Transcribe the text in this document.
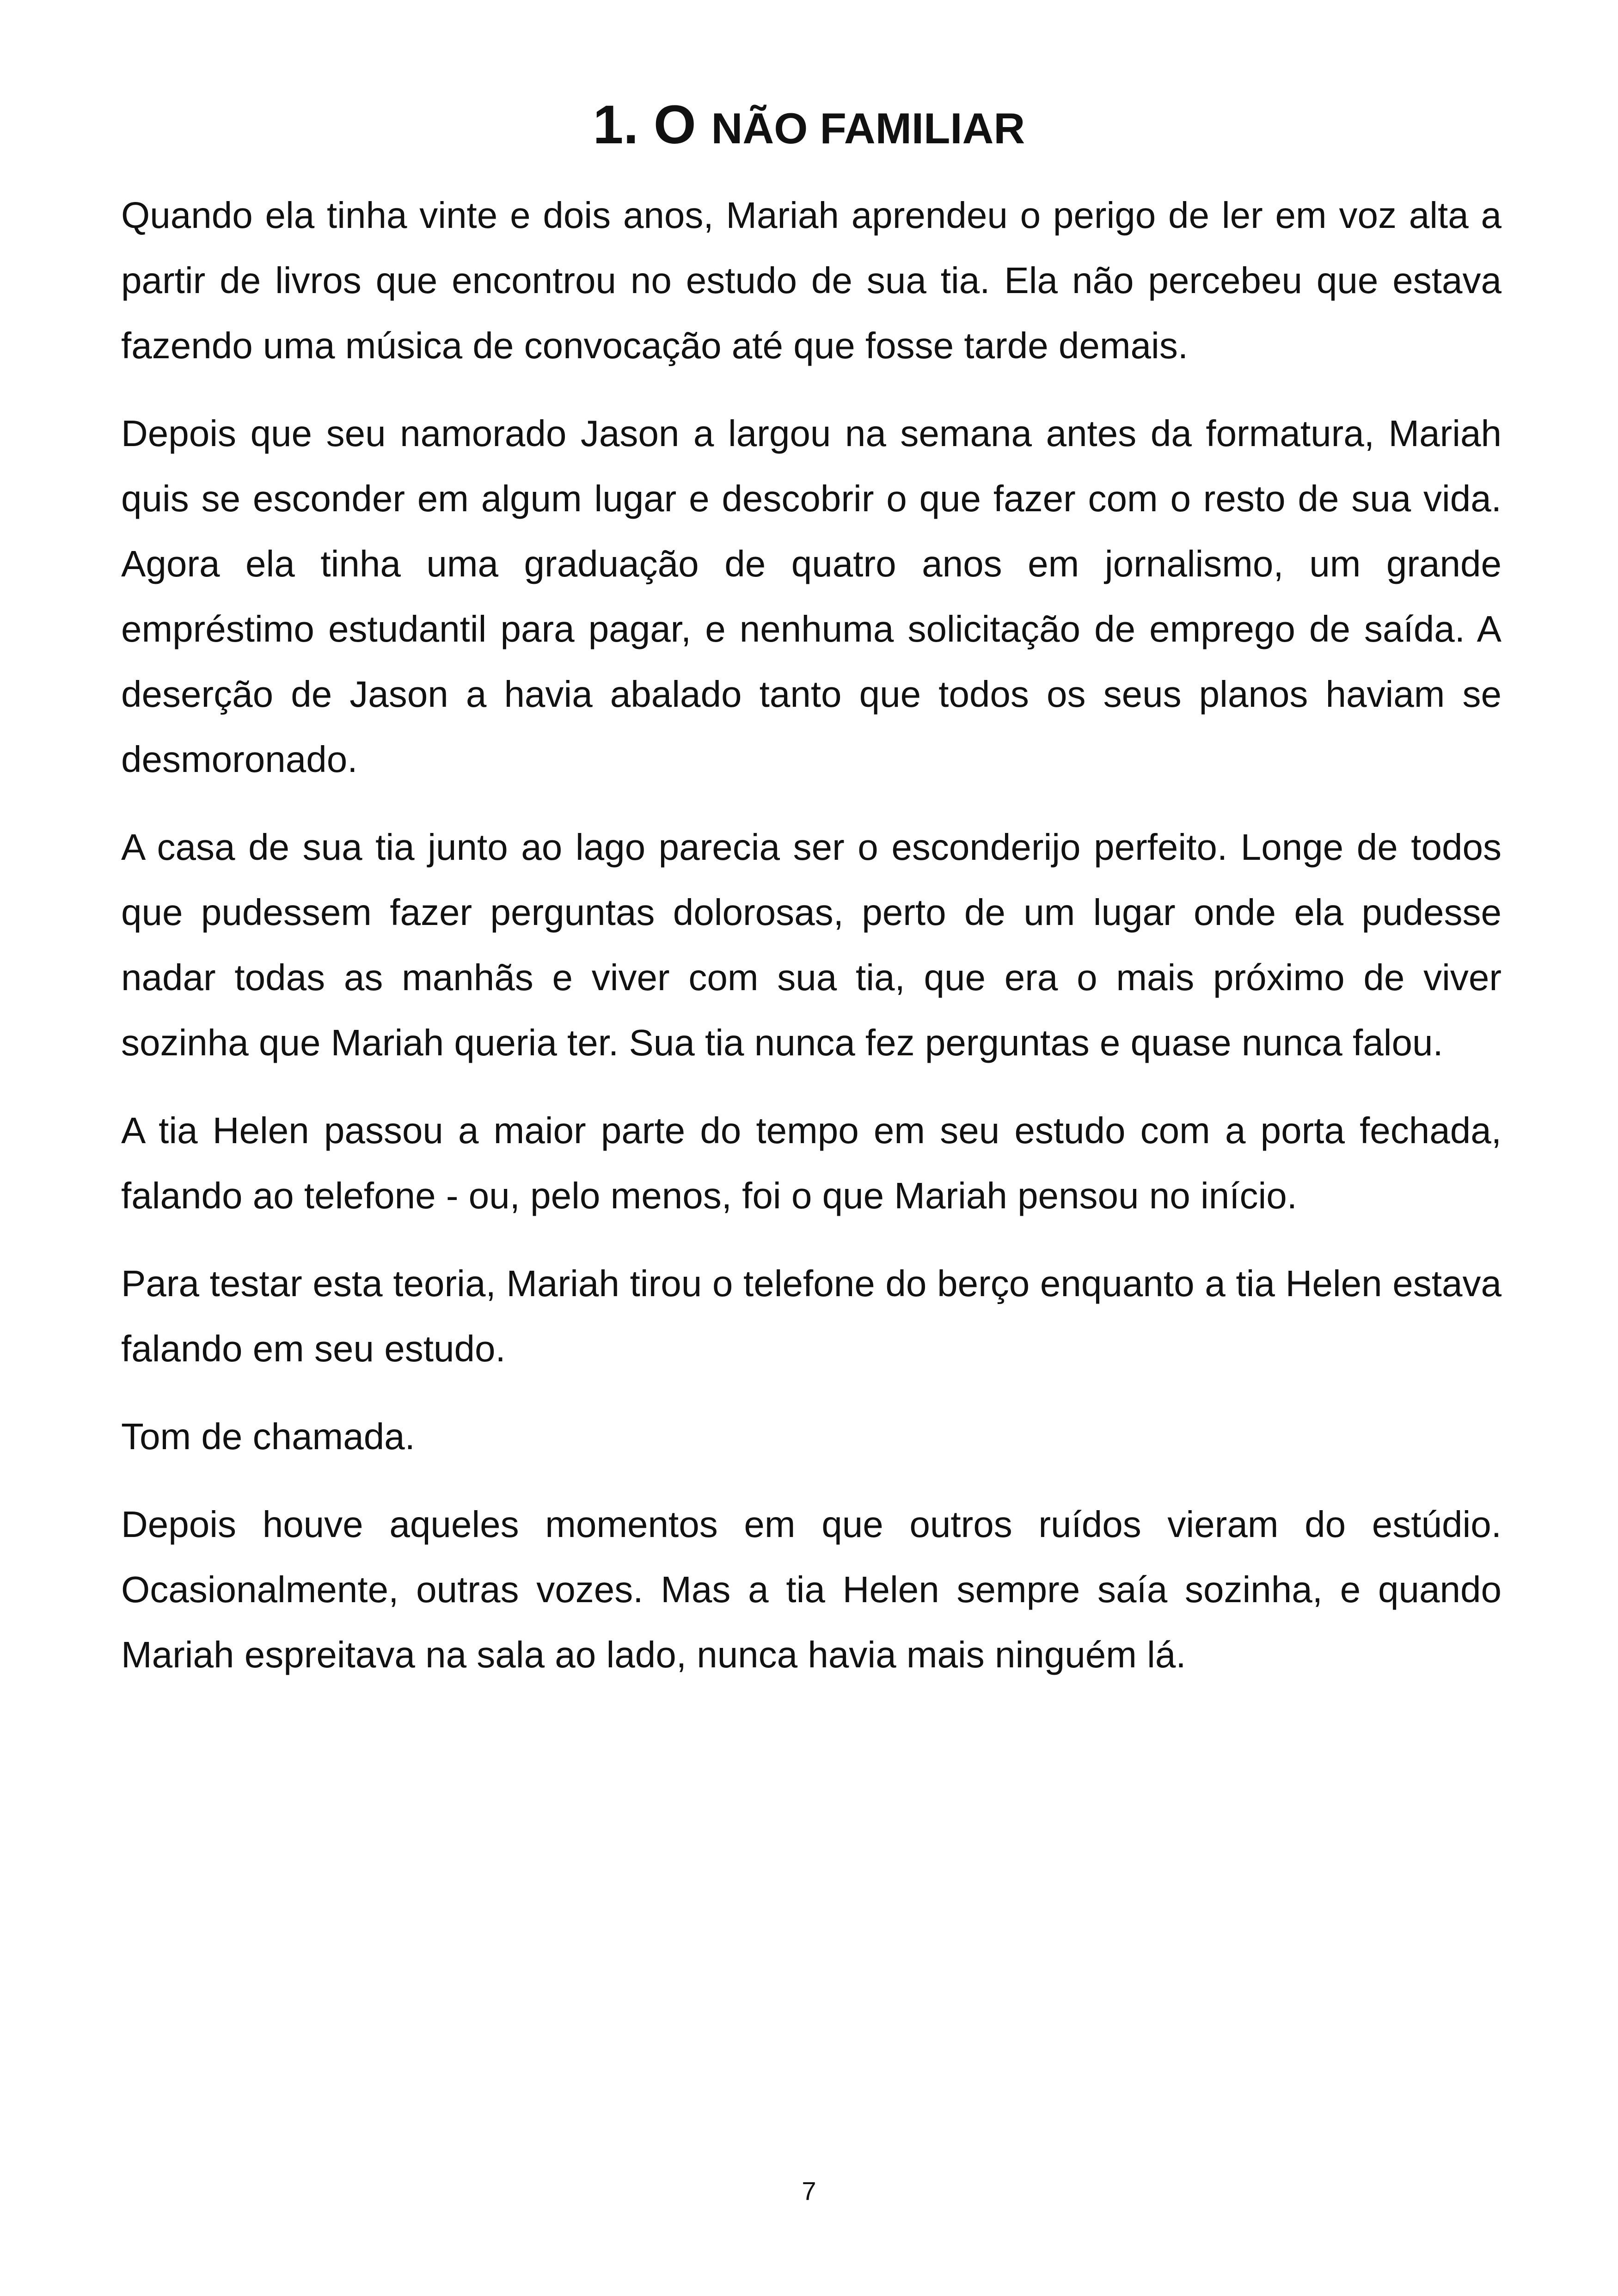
1. O NÃO FAMILIAR

Quando ela tinha vinte e dois anos, Mariah aprendeu o perigo de ler em voz alta a partir de livros que encontrou no estudo de sua tia. Ela não percebeu que estava fazendo uma música de convocação até que fosse tarde demais.

Depois que seu namorado Jason a largou na semana antes da formatura, Mariah quis se esconder em algum lugar e descobrir o que fazer com o resto de sua vida. Agora ela tinha uma graduação de quatro anos em jornalismo, um grande empréstimo estudantil para pagar, e nenhuma solicitação de emprego de saída. A deserção de Jason a havia abalado tanto que todos os seus planos haviam se desmoronado.

A casa de sua tia junto ao lago parecia ser o esconderijo perfeito. Longe de todos que pudessem fazer perguntas dolorosas, perto de um lugar onde ela pudesse nadar todas as manhãs e viver com sua tia, que era o mais próximo de viver sozinha que Mariah queria ter. Sua tia nunca fez perguntas e quase nunca falou.

A tia Helen passou a maior parte do tempo em seu estudo com a porta fechada, falando ao telefone - ou, pelo menos, foi o que Mariah pensou no início.

Para testar esta teoria, Mariah tirou o telefone do berço enquanto a tia Helen estava falando em seu estudo.

Tom de chamada.

Depois houve aqueles momentos em que outros ruídos vieram do estúdio. Ocasionalmente, outras vozes. Mas a tia Helen sempre saía sozinha, e quando Mariah espreitava na sala ao lado, nunca havia mais ninguém lá.

7
